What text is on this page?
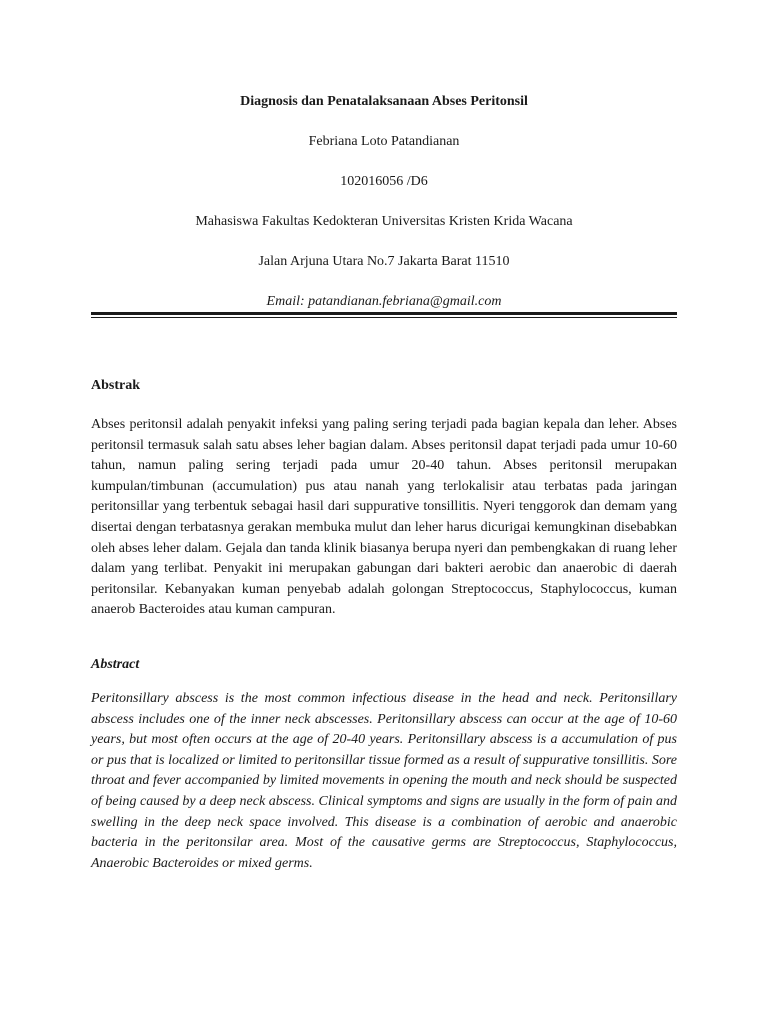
Diagnosis dan Penatalaksanaan Abses Peritonsil

Febriana Loto Patandianan

102016056 /D6

Mahasiswa Fakultas Kedokteran Universitas Kristen Krida Wacana

Jalan Arjuna Utara No.7 Jakarta Barat 11510

Email: patandianan.febriana@gmail.com

Abstrak

Abses peritonsil adalah penyakit infeksi yang paling sering terjadi pada bagian kepala dan leher. Abses peritonsil termasuk salah satu abses leher bagian dalam. Abses peritonsil dapat terjadi pada umur 10-60 tahun, namun paling sering terjadi pada umur 20-40 tahun. Abses peritonsil merupakan kumpulan/timbunan (accumulation) pus atau nanah yang terlokalisir atau terbatas pada jaringan peritonsillar yang terbentuk sebagai hasil dari suppurative tonsillitis. Nyeri tenggorok dan demam yang disertai dengan terbatasnya gerakan membuka mulut dan leher harus dicurigai kemungkinan disebabkan oleh abses leher dalam. Gejala dan tanda klinik biasanya berupa nyeri dan pembengkakan di ruang leher dalam yang terlibat. Penyakit ini merupakan gabungan dari bakteri aerobic dan anaerobic di daerah peritonsilar. Kebanyakan kuman penyebab adalah golongan Streptococcus, Staphylococcus, kuman anaerob Bacteroides atau kuman campuran.

Abstract

Peritonsillary abscess is the most common infectious disease in the head and neck. Peritonsillary abscess includes one of the inner neck abscesses. Peritonsillary abscess can occur at the age of 10-60 years, but most often occurs at the age of 20-40 years. Peritonsillary abscess is a accumulation of pus or pus that is localized or limited to peritonsillar tissue formed as a result of suppurative tonsillitis. Sore throat and fever accompanied by limited movements in opening the mouth and neck should be suspected of being caused by a deep neck abscess. Clinical symptoms and signs are usually in the form of pain and swelling in the deep neck space involved. This disease is a combination of aerobic and anaerobic bacteria in the peritonsilar area. Most of the causative germs are Streptococcus, Staphylococcus, Anaerobic Bacteroides or mixed germs.
